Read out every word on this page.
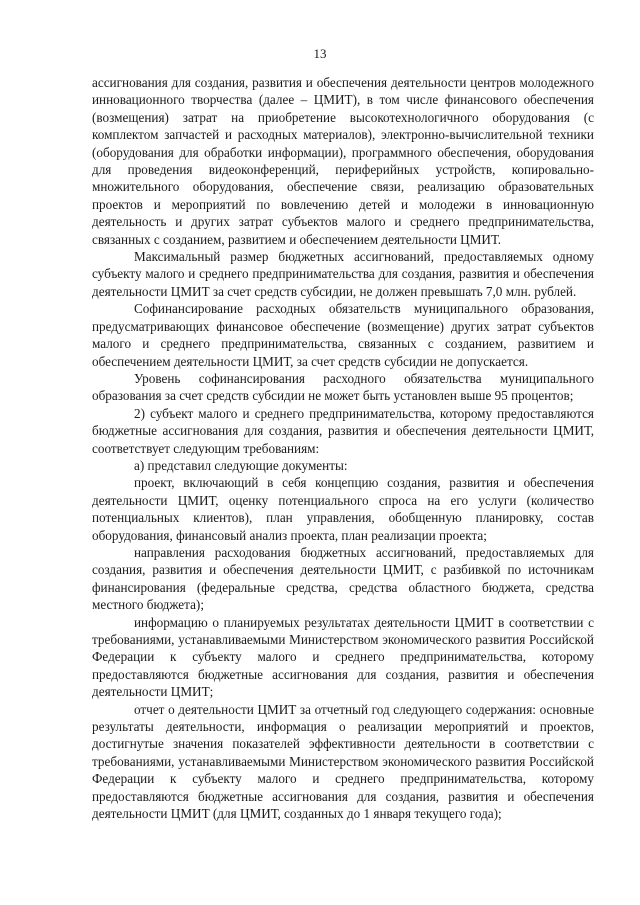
13

ассигнования для создания, развития и обеспечения деятельности центров молодежного инновационного творчества (далее – ЦМИТ), в том числе финансового обеспечения (возмещения) затрат на приобретение высокотехнологичного оборудования (с комплектом запчастей и расходных материалов), электронно-вычислительной техники (оборудования для обработки информации), программного обеспечения, оборудования для проведения видеоконференций, периферийных устройств, копировально-множительного оборудования, обеспечение связи, реализацию образовательных проектов и мероприятий по вовлечению детей и молодежи в инновационную деятельность и других затрат субъектов малого и среднего предпринимательства, связанных с созданием, развитием и обеспечением деятельности ЦМИТ.

Максимальный размер бюджетных ассигнований, предоставляемых одному субъекту малого и среднего предпринимательства для создания, развития и обеспечения деятельности ЦМИТ за счет средств субсидии, не должен превышать 7,0 млн. рублей.

Софинансирование расходных обязательств муниципального образования, предусматривающих финансовое обеспечение (возмещение) других затрат субъектов малого и среднего предпринимательства, связанных с созданием, развитием и обеспечением деятельности ЦМИТ, за счет средств субсидии не допускается.

Уровень софинансирования расходного обязательства муниципального образования за счет средств субсидии не может быть установлен выше 95 процентов;

2) субъект малого и среднего предпринимательства, которому предоставляются бюджетные ассигнования для создания, развития и обеспечения деятельности ЦМИТ, соответствует следующим требованиям:

а) представил следующие документы:

проект, включающий в себя концепцию создания, развития и обеспечения деятельности ЦМИТ, оценку потенциального спроса на его услуги (количество потенциальных клиентов), план управления, обобщенную планировку, состав оборудования, финансовый анализ проекта, план реализации проекта;

направления расходования бюджетных ассигнований, предоставляемых для создания, развития и обеспечения деятельности ЦМИТ, с разбивкой по источникам финансирования (федеральные средства, средства областного бюджета, средства местного бюджета);

информацию о планируемых результатах деятельности ЦМИТ в соответствии с требованиями, устанавливаемыми Министерством экономического развития Российской Федерации к субъекту малого и среднего предпринимательства, которому предоставляются бюджетные ассигнования для создания, развития и обеспечения деятельности ЦМИТ;

отчет о деятельности ЦМИТ за отчетный год следующего содержания: основные результаты деятельности, информация о реализации мероприятий и проектов, достигнутые значения показателей эффективности деятельности в соответствии с требованиями, устанавливаемыми Министерством экономического развития Российской Федерации к субъекту малого и среднего предпринимательства, которому предоставляются бюджетные ассигнования для создания, развития и обеспечения деятельности ЦМИТ (для ЦМИТ, созданных до 1 января текущего года);
